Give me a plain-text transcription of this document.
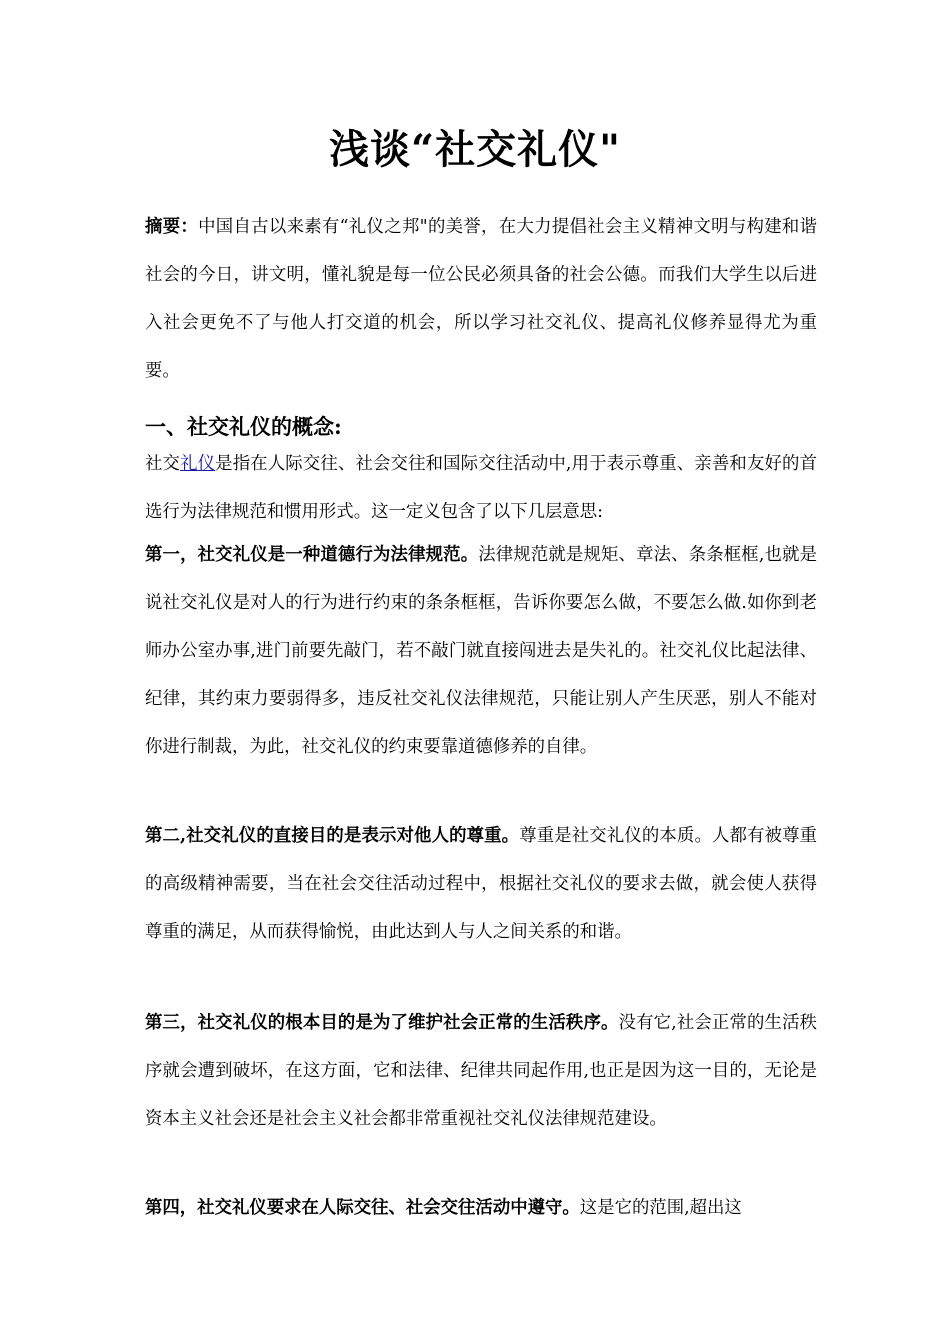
浅谈“社交礼仪"
摘要：中国自古以来素有“礼仪之邦"的美誉，在大力提倡社会主义精神文明与构建和谐社会的今日，讲文明，懂礼貌是每一位公民必须具备的社会公德。而我们大学生以后进入社会更免不了与他人打交道的机会，所以学习社交礼仪、提高礼仪修养显得尤为重要。
一、社交礼仪的概念:
社交礼仪是指在人际交往、社会交往和国际交往活动中,用于表示尊重、亲善和友好的首选行为法律规范和惯用形式。这一定义包含了以下几层意思:
第一，社交礼仪是一种道德行为法律规范。法律规范就是规矩、章法、条条框框,也就是说社交礼仪是对人的行为进行约束的条条框框，告诉你要怎么做，不要怎么做.如你到老师办公室办事,进门前要先敲门，若不敲门就直接闯进去是失礼的。社交礼仪比起法律、纪律，其约束力要弱得多，违反社交礼仪法律规范，只能让别人产生厌恶，别人不能对你进行制裁，为此，社交礼仪的约束要靠道德修养的自律。
第二,社交礼仪的直接目的是表示对他人的尊重。尊重是社交礼仪的本质。人都有被尊重的高级精神需要，当在社会交往活动过程中，根据社交礼仪的要求去做，就会使人获得尊重的满足，从而获得愉悦，由此达到人与人之间关系的和谐。
第三，社交礼仪的根本目的是为了维护社会正常的生活秩序。没有它,社会正常的生活秩序就会遭到破坏，在这方面，它和法律、纪律共同起作用,也正是因为这一目的，无论是资本主义社会还是社会主义社会都非常重视社交礼仪法律规范建设。
第四，社交礼仪要求在人际交往、社会交往活动中遵守。这是它的范围,超出这
